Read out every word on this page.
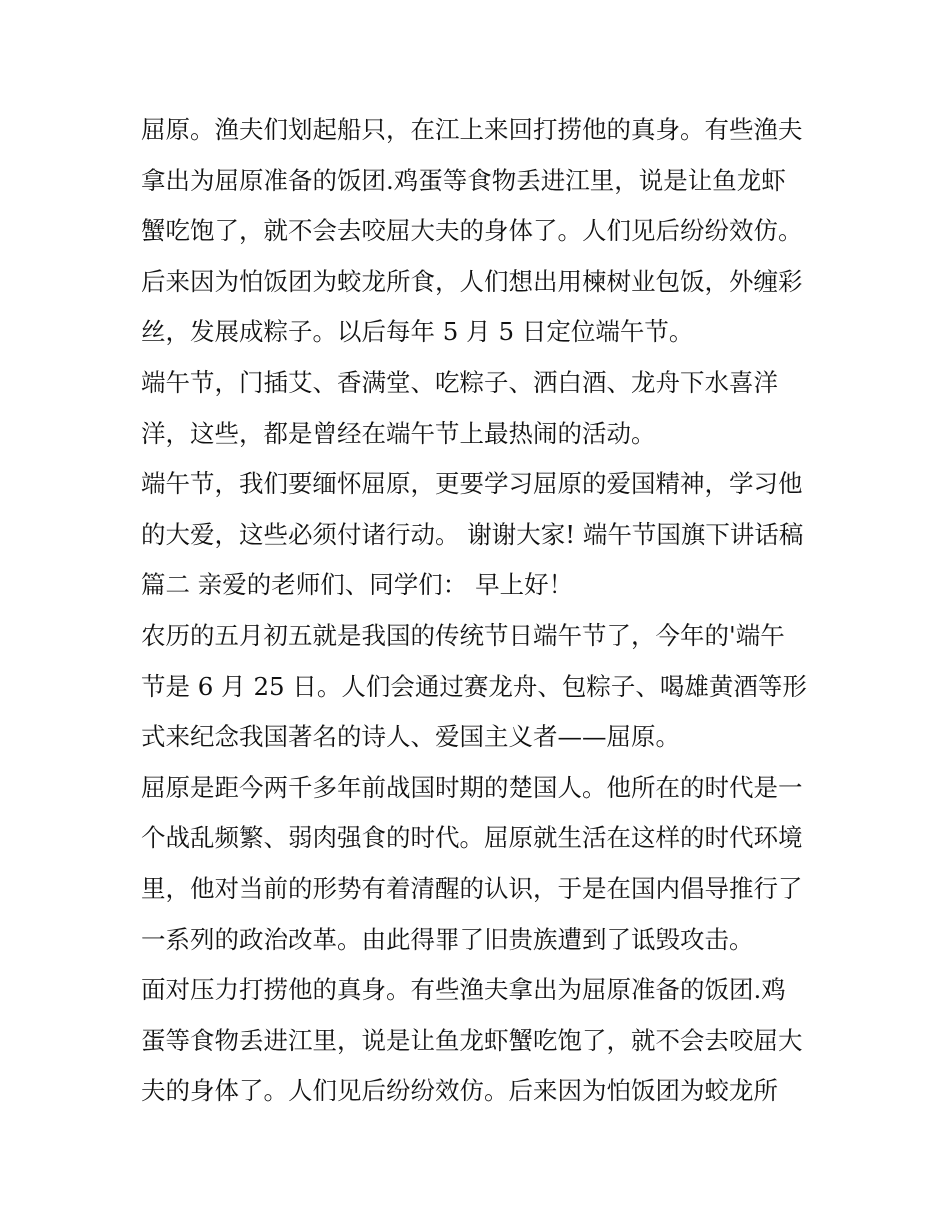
屈原。渔夫们划起船只，在江上来回打捞他的真身。有些渔夫
拿出为屈原准备的饭团.鸡蛋等食物丢进江里，说是让鱼龙虾
蟹吃饱了，就不会去咬屈大夫的身体了。人们见后纷纷效仿。
后来因为怕饭团为蛟龙所食，人们想出用楝树业包饭，外缠彩
丝，发展成粽子。以后每年 5 月 5 日定位端午节。
端午节，门插艾、香满堂、吃粽子、洒白酒、龙舟下水喜洋
洋，这些，都是曾经在端午节上最热闹的活动。
端午节，我们要缅怀屈原，更要学习屈原的爱国精神，学习他
的大爱，这些必须付诸行动。 谢谢大家! 端午节国旗下讲话稿
篇二 亲爱的老师们、同学们： 早上好！
农历的五月初五就是我国的传统节日端午节了，今年的'端午
节是 6 月 25 日。人们会通过赛龙舟、包粽子、喝雄黄酒等形
式来纪念我国著名的诗人、爱国主义者——屈原。
屈原是距今两千多年前战国时期的楚国人。他所在的时代是一
个战乱频繁、弱肉强食的时代。屈原就生活在这样的时代环境
里，他对当前的形势有着清醒的认识，于是在国内倡导推行了
一系列的政治改革。由此得罪了旧贵族遭到了诋毁攻击。
面对压力打捞他的真身。有些渔夫拿出为屈原准备的饭团.鸡
蛋等食物丢进江里，说是让鱼龙虾蟹吃饱了，就不会去咬屈大
夫的身体了。人们见后纷纷效仿。后来因为怕饭团为蛟龙所
